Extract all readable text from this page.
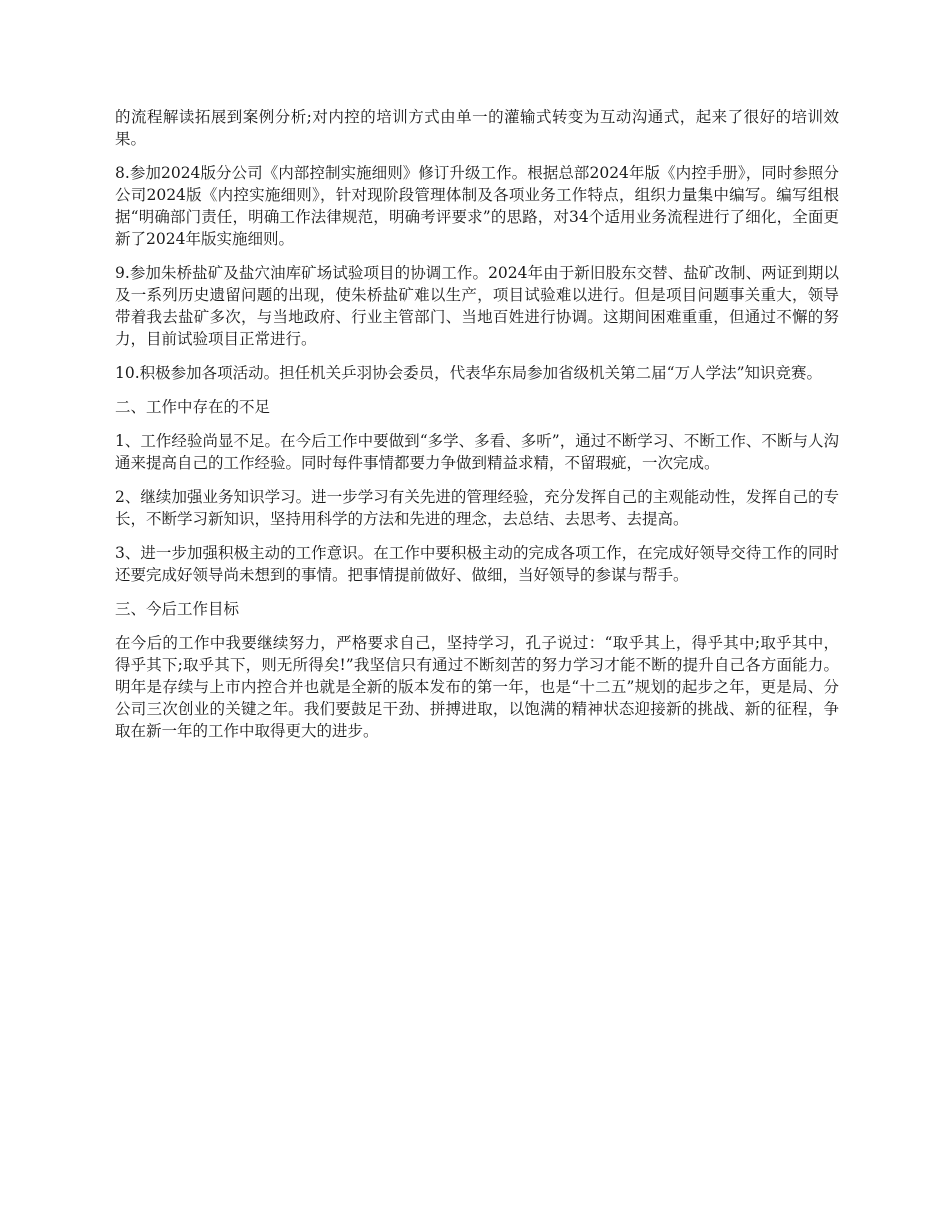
的流程解读拓展到案例分析;对内控的培训方式由单一的灌输式转变为互动沟通式，起来了很好的培训效果。

8.参加2024版分公司《内部控制实施细则》修订升级工作。根据总部2024年版《内控手册》，同时参照分公司2024版《内控实施细则》，针对现阶段管理体制及各项业务工作特点，组织力量集中编写。编写组根据“明确部门责任，明确工作法律规范，明确考评要求”的思路，对34个适用业务流程进行了细化，全面更新了2024年版实施细则。

9.参加朱桥盐矿及盐穴油库矿场试验项目的协调工作。2024年由于新旧股东交替、盐矿改制、两证到期以及一系列历史遗留问题的出现，使朱桥盐矿难以生产，项目试验难以进行。但是项目问题事关重大，领导带着我去盐矿多次，与当地政府、行业主管部门、当地百姓进行协调。这期间困难重重，但通过不懈的努力，目前试验项目正常进行。

10.积极参加各项活动。担任机关乒羽协会委员，代表华东局参加省级机关第二届“万人学法”知识竞赛。

二、工作中存在的不足

1、工作经验尚显不足。在今后工作中要做到“多学、多看、多听”，通过不断学习、不断工作、不断与人沟通来提高自己的工作经验。同时每件事情都要力争做到精益求精，不留瑕疵，一次完成。

2、继续加强业务知识学习。进一步学习有关先进的管理经验，充分发挥自己的主观能动性，发挥自己的专长，不断学习新知识，坚持用科学的方法和先进的理念，去总结、去思考、去提高。

3、进一步加强积极主动的工作意识。在工作中要积极主动的完成各项工作，在完成好领导交待工作的同时还要完成好领导尚未想到的事情。把事情提前做好、做细，当好领导的参谋与帮手。

三、今后工作目标

在今后的工作中我要继续努力，严格要求自己，坚持学习，孔子说过：“取乎其上，得乎其中;取乎其中，得乎其下;取乎其下，则无所得矣!”我坚信只有通过不断刻苦的努力学习才能不断的提升自己各方面能力。明年是存续与上市内控合并也就是全新的版本发布的第一年，也是“十二五”规划的起步之年，更是局、分公司三次创业的关键之年。我们要鼓足干劲、拼搏进取，以饱满的精神状态迎接新的挑战、新的征程，争取在新一年的工作中取得更大的进步。
